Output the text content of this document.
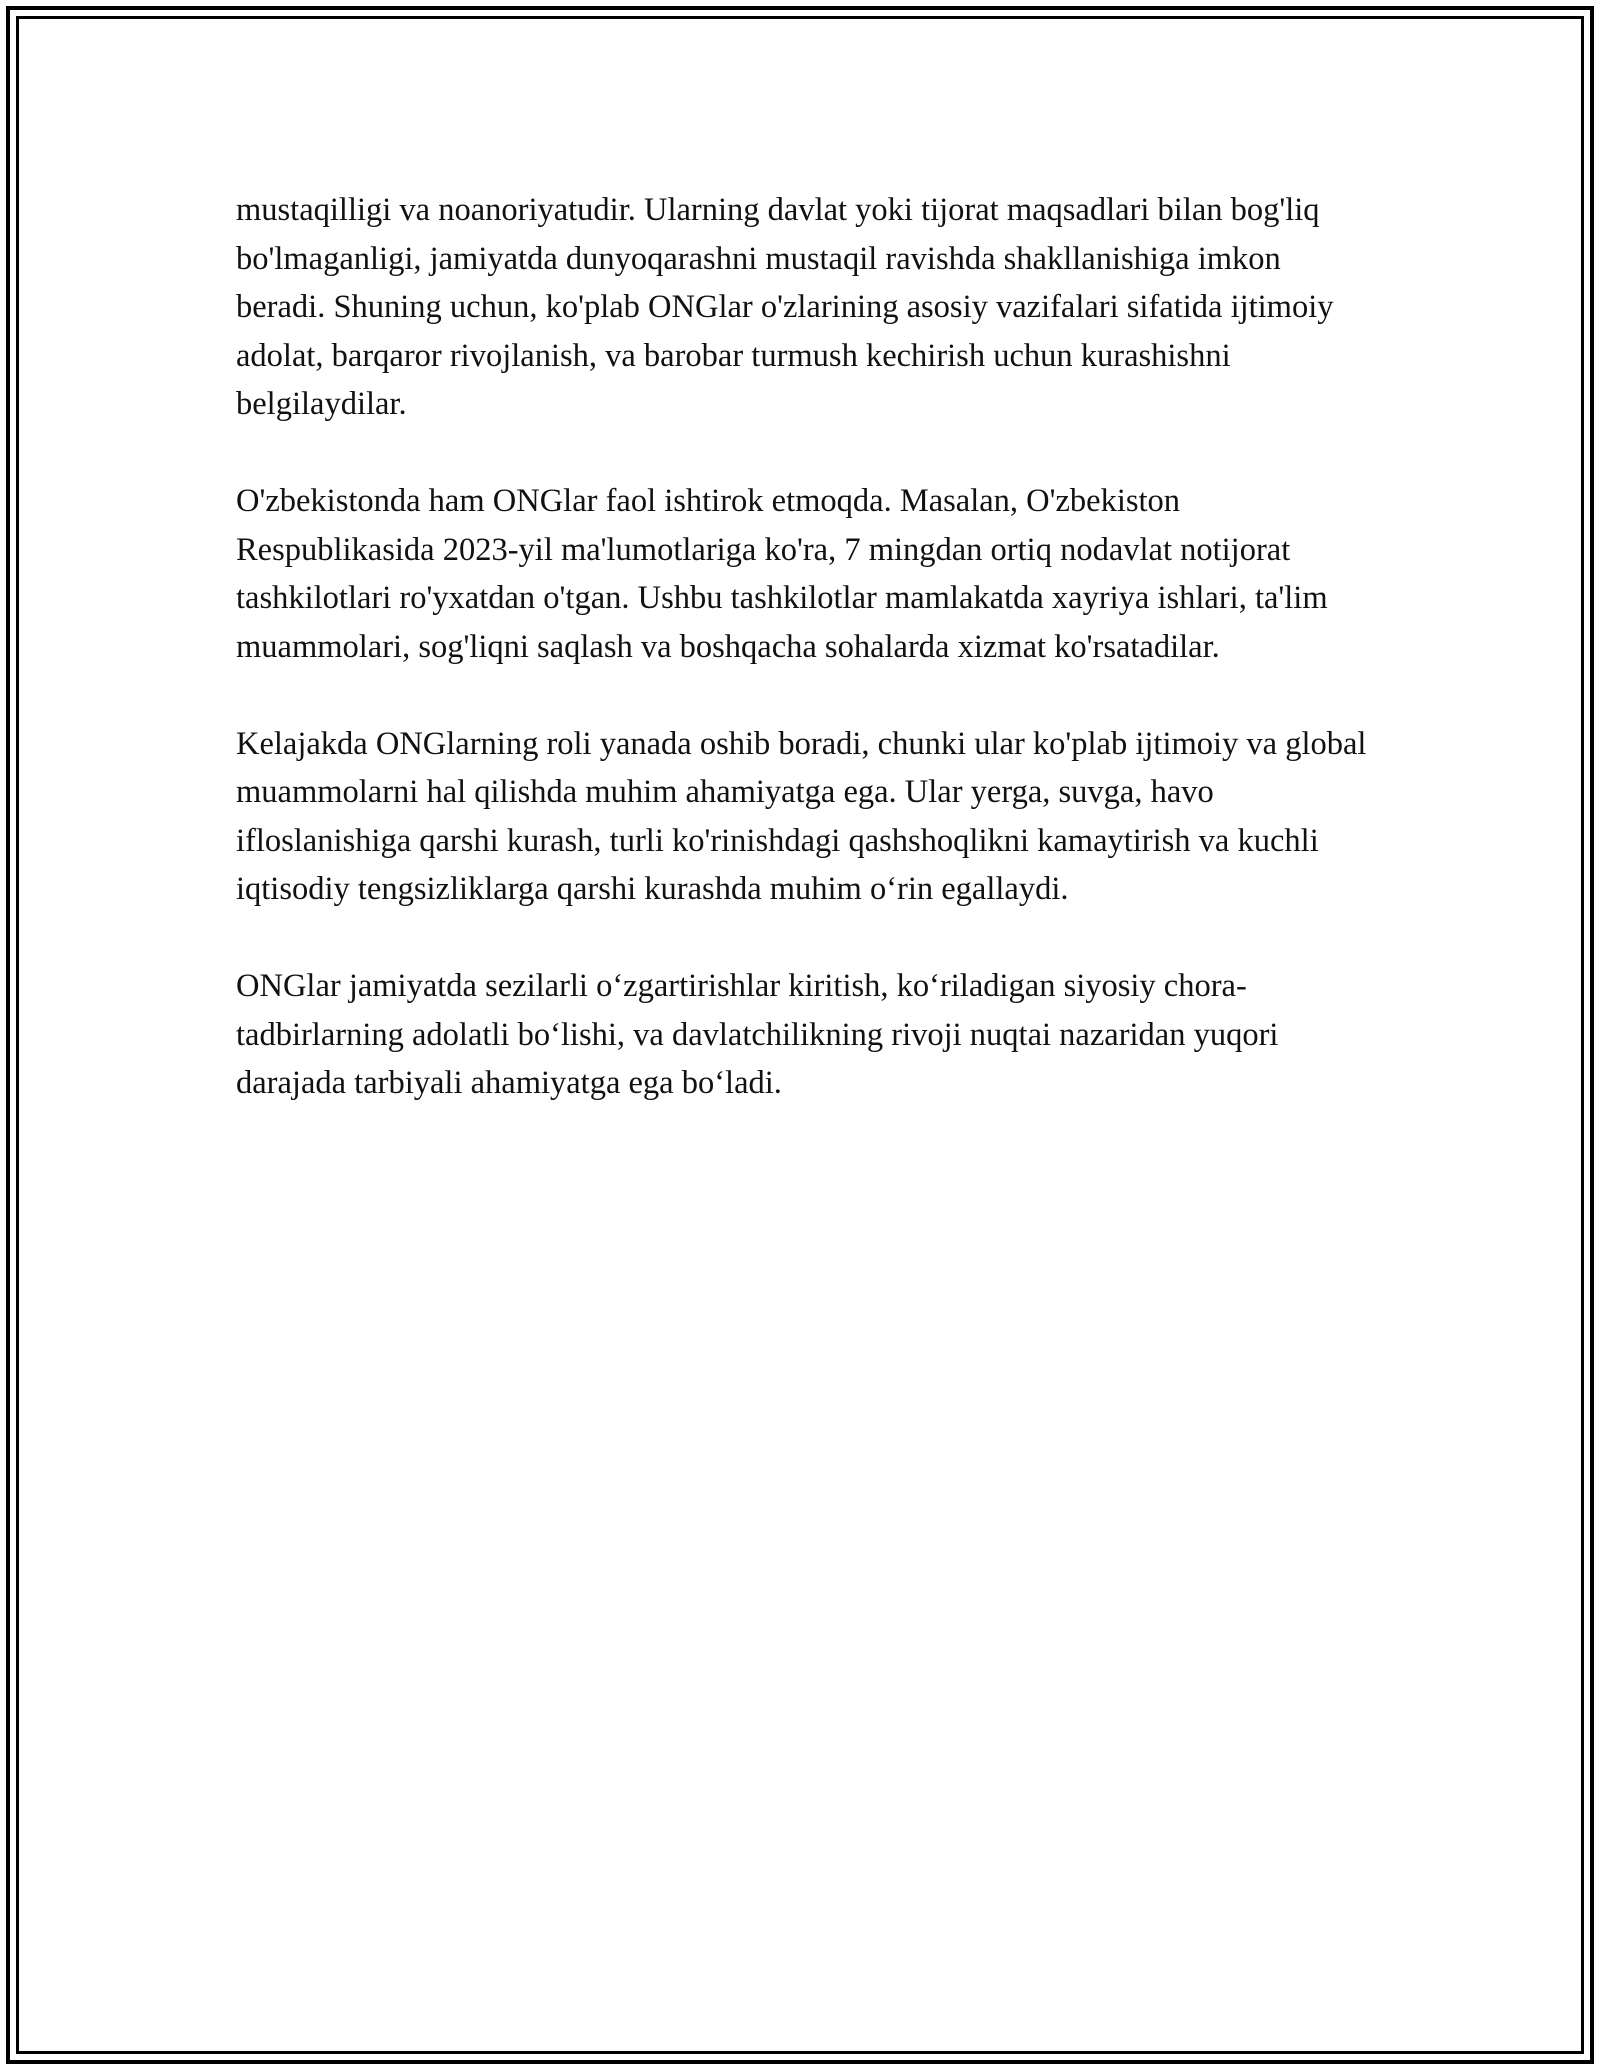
mustaqilligi va noanoriyatudir. Ularning davlat yoki tijorat maqsadlari bilan bog'liq bo'lmaganligi, jamiyatda dunyoqarashni mustaqil ravishda shakllanishiga imkon beradi. Shuning uchun, ko'plab ONGlar o'zlarining asosiy vazifalari sifatida ijtimoiy adolat, barqaror rivojlanish, va barobar turmush kechirish uchun kurashishni belgilaydilar.

O'zbekistonda ham ONGlar faol ishtirok etmoqda. Masalan, O'zbekiston Respublikasida 2023-yil ma'lumotlariga ko'ra, 7 mingdan ortiq nodavlat notijorat tashkilotlari ro'yxatdan o'tgan. Ushbu tashkilotlar mamlakatda xayriya ishlari, ta'lim muammolari, sog'liqni saqlash va boshqacha sohalarda xizmat ko'rsatadilar.

Kelajakda ONGlarning roli yanada oshib boradi, chunki ular ko'plab ijtimoiy va global muammolarni hal qilishda muhim ahamiyatga ega. Ular yerga, suvga, havo ifloslanishiga qarshi kurash, turli ko'rinishdagi qashshoqlikni kamaytirish va kuchli iqtisodiy tengsizliklarga qarshi kurashda muhim o‘rin egallaydi.

ONGlar jamiyatda sezilarli o‘zgartirishlar kiritish, ko‘riladigan siyosiy chora-tadbirlarning adolatli bo‘lishi, va davlatchilikning rivoji nuqtai nazaridan yuqori darajada tarbiyali ahamiyatga ega bo‘ladi.
